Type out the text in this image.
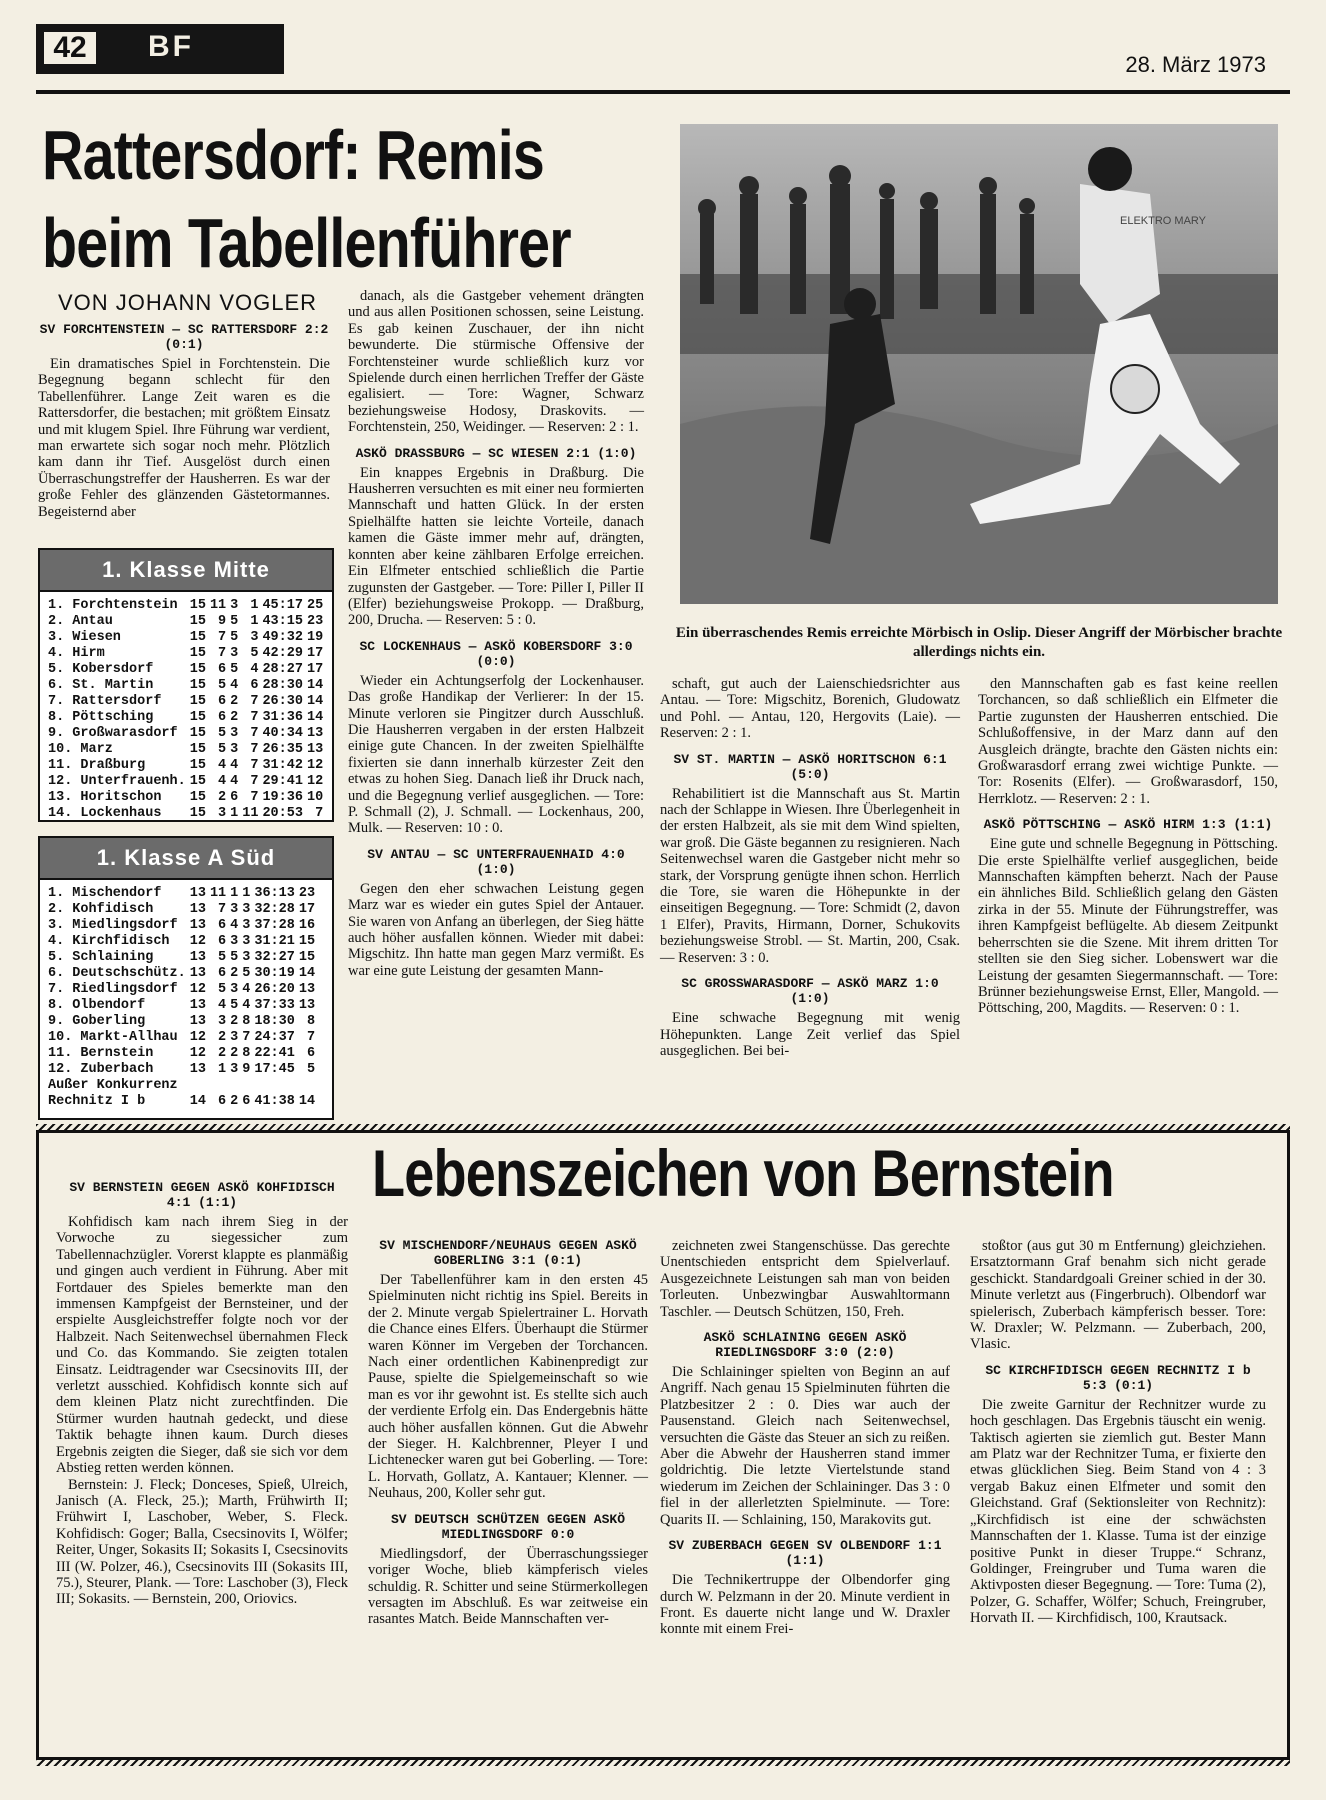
42	BF
28. März 1973
Rattersdorf: Remis
beim Tabellenführer
VON JOHANN VOGLER

SV FORCHTENSTEIN — SC RATTERSDORF 2:2 (0:1)

Ein dramatisches Spiel in Forchtenstein. Die Begegnung begann schlecht für den Tabellenführer. Lange Zeit waren es die Rattersdorfer, die bestachen; mit größtem Einsatz und mit klugem Spiel. Ihre Führung war verdient, man erwartete sich sogar noch mehr. Plötzlich kam dann ihr Tief. Ausgelöst durch einen Überraschungstreffer der Hausherren. Es war der große Fehler des glänzenden Gästetormannes. Begeisternd aber

1. Klasse Mitte
1. Forchtenstein	15	11	3	1	45:17	25
2. Antau	15	9	5	1	43:15	23
3. Wiesen	15	7	5	3	49:32	19
4. Hirm	15	7	3	5	42:29	17
5. Kobersdorf	15	6	5	4	28:27	17
6. St. Martin	15	5	4	6	28:30	14
7. Rattersdorf	15	6	2	7	26:30	14
8. Pöttsching	15	6	2	7	31:36	14
9. Großwarasdorf	15	5	3	7	40:34	13
10. Marz	15	5	3	7	26:35	13
11. Draßburg	15	4	4	7	31:42	12
12. Unterfrauenh.	15	4	4	7	29:41	12
13. Horitschon	15	2	6	7	19:36	10
14. Lockenhaus	15	3	1	11	20:53	7
1. Klasse A Süd
1. Mischendorf	13	11	1	1	36:13	23
2. Kohfidisch	13	7	3	3	32:28	17
3. Miedlingsdorf	13	6	4	3	37:28	16
4. Kirchfidisch	12	6	3	3	31:21	15
5. Schlaining	13	5	5	3	32:27	15
6. Deutschschütz.	13	6	2	5	30:19	14
7. Riedlingsdorf	12	5	3	4	26:20	13
8. Olbendorf	13	4	5	4	37:33	13
9. Goberling	13	3	2	8	18:30	8
10. Markt-Allhau	12	2	3	7	24:37	7
11. Bernstein	12	2	2	8	22:41	6
12. Zuberbach	13	1	3	9	17:45	5
Außer Konkurrenz						
Rechnitz I b	14	6	2	6	41:38	14

danach, als die Gastgeber vehement drängten und aus allen Positionen schossen, seine Leistung. Es gab keinen Zuschauer, der ihn nicht bewunderte. Die stürmische Offensive der Forchtensteiner wurde schließlich kurz vor Spielende durch einen herrlichen Treffer der Gäste egalisiert. — Tore: Wagner, Schwarz beziehungsweise Hodosy, Draskovits. — Forchtenstein, 250, Weidinger. — Reserven: 2 : 1.

ASKÖ DRASSBURG — SC WIESEN 2:1 (1:0)

Ein knappes Ergebnis in Draßburg. Die Hausherren versuchten es mit einer neu formierten Mannschaft und hatten Glück. In der ersten Spielhälfte hatten sie leichte Vorteile, danach kamen die Gäste immer mehr auf, drängten, konnten aber keine zählbaren Erfolge erreichen. Ein Elfmeter entschied schließlich die Partie zugunsten der Gastgeber. — Tore: Piller I, Piller II (Elfer) beziehungsweise Prokopp. — Draßburg, 200, Drucha. — Reserven: 5 : 0.

SC LOCKENHAUS — ASKÖ KOBERSDORF 3:0 (0:0)

Wieder ein Achtungserfolg der Lockenhauser. Das große Handikap der Verlierer: In der 15. Minute verloren sie Pingitzer durch Ausschluß. Die Hausherren vergaben in der ersten Halbzeit einige gute Chancen. In der zweiten Spielhälfte fixierten sie dann innerhalb kürzester Zeit den etwas zu hohen Sieg. Danach ließ ihr Druck nach, und die Begegnung verlief ausgeglichen. — Tore: P. Schmall (2), J. Schmall. — Lockenhaus, 200, Mulk. — Reserven: 10 : 0.

SV ANTAU — SC UNTERFRAUENHAID 4:0 (1:0)

Gegen den eher schwachen Leistung gegen Marz war es wieder ein gutes Spiel der Antauer. Sie waren von Anfang an überlegen, der Sieg hätte auch höher ausfallen können. Wieder mit dabei: Migschitz. Ihn hatte man gegen Marz vermißt. Es war eine gute Leistung der gesamten Mann-

schaft, gut auch der Laienschiedsrichter aus Antau. — Tore: Migschitz, Borenich, Gludowatz und Pohl. — Antau, 120, Hergovits (Laie). — Reserven: 2 : 1.

SV ST. MARTIN — ASKÖ HORITSCHON 6:1 (5:0)

Rehabilitiert ist die Mannschaft aus St. Martin nach der Schlappe in Wiesen. Ihre Überlegenheit in der ersten Halbzeit, als sie mit dem Wind spielten, war groß. Die Gäste begannen zu resignieren. Nach Seitenwechsel waren die Gastgeber nicht mehr so stark, der Vorsprung genügte ihnen schon. Herrlich die Tore, sie waren die Höhepunkte in der einseitigen Begegnung. — Tore: Schmidt (2, davon 1 Elfer), Pravits, Hirmann, Dorner, Schukovits beziehungsweise Strobl. — St. Martin, 200, Csak. — Reserven: 3 : 0.

SC GROSSWARASDORF — ASKÖ MARZ 1:0 (1:0)

Eine schwache Begegnung mit wenig Höhepunkten. Lange Zeit verlief das Spiel ausgeglichen. Bei bei-

den Mannschaften gab es fast keine reellen Torchancen, so daß schließlich ein Elfmeter die Partie zugunsten der Hausherren entschied. Die Schlußoffensive, in der Marz dann auf den Ausgleich drängte, brachte den Gästen nichts ein: Großwarasdorf errang zwei wichtige Punkte. — Tor: Rosenits (Elfer). — Großwarasdorf, 150, Herrklotz. — Reserven: 2 : 1.

ASKÖ PÖTTSCHING — ASKÖ HIRM 1:3 (1:1)

Eine gute und schnelle Begegnung in Pöttsching. Die erste Spielhälfte verlief ausgeglichen, beide Mannschaften kämpften beherzt. Nach der Pause ein ähnliches Bild. Schließlich gelang den Gästen zirka in der 55. Minute der Führungstreffer, was ihren Kampfgeist beflügelte. Ab diesem Zeitpunkt beherrschten sie die Szene. Mit ihrem dritten Tor stellten sie den Sieg sicher. Lobenswert war die Leistung der gesamten Siegermannschaft. — Tore: Brünner beziehungsweise Ernst, Eller, Mangold. — Pöttsching, 200, Magdits. — Reserven: 0 : 1.

ELEKTRO MARY
Ein überraschendes Remis erreichte Mörbisch in Oslip. Dieser Angriff der Mörbischer brachte allerdings nichts ein.
Lebenszeichen von Bernstein

SV BERNSTEIN GEGEN ASKÖ KOHFIDISCH 4:1 (1:1)

Kohfidisch kam nach ihrem Sieg in der Vorwoche zu siegessicher zum Tabellennachzügler. Vorerst klappte es planmäßig und gingen auch verdient in Führung. Aber mit Fortdauer des Spieles bemerkte man den immensen Kampfgeist der Bernsteiner, und der erspielte Ausgleichstreffer folgte noch vor der Halbzeit. Nach Seitenwechsel übernahmen Fleck und Co. das Kommando. Sie zeigten totalen Einsatz. Leidtragender war Csecsinovits III, der verletzt ausschied. Kohfidisch konnte sich auf dem kleinen Platz nicht zurechtfinden. Die Stürmer wurden hautnah gedeckt, und diese Taktik behagte ihnen kaum. Durch dieses Ergebnis zeigten die Sieger, daß sie sich vor dem Abstieg retten werden können.

Bernstein: J. Fleck; Donceses, Spieß, Ulreich, Janisch (A. Fleck, 25.); Marth, Frühwirth II; Frühwirt I, Laschober, Weber, S. Fleck. Kohfidisch: Goger; Balla, Csecsinovits I, Wölfer; Reiter, Unger, Sokasits II; Sokasits I, Csecsinovits III (W. Polzer, 46.), Csecsinovits III (Sokasits III, 75.), Steurer, Plank. — Tore: Laschober (3), Fleck III; Sokasits. — Bernstein, 200, Oriovics.

SV MISCHENDORF/NEUHAUS GEGEN ASKÖ GOBERLING 3:1 (0:1)

Der Tabellenführer kam in den ersten 45 Spielminuten nicht richtig ins Spiel. Bereits in der 2. Minute vergab Spielertrainer L. Horvath die Chance eines Elfers. Überhaupt die Stürmer waren Könner im Vergeben der Torchancen. Nach einer ordentlichen Kabinenpredigt zur Pause, spielte die Spielgemeinschaft so wie man es vor ihr gewohnt ist. Es stellte sich auch der verdiente Erfolg ein. Das Endergebnis hätte auch höher ausfallen können. Gut die Abwehr der Sieger. H. Kalchbrenner, Pleyer I und Lichtenecker waren gut bei Goberling. — Tore: L. Horvath, Gollatz, A. Kantauer; Klenner. — Neuhaus, 200, Koller sehr gut.

SV DEUTSCH SCHÜTZEN GEGEN ASKÖ MIEDLINGSDORF 0:0

Miedlingsdorf, der Überraschungssieger voriger Woche, blieb kämpferisch vieles schuldig. R. Schitter und seine Stürmerkollegen versagten im Abschluß. Es war zeitweise ein rasantes Match. Beide Mannschaften ver-

zeichneten zwei Stangenschüsse. Das gerechte Unentschieden entspricht dem Spielverlauf. Ausgezeichnete Leistungen sah man von beiden Torleuten. Unbezwingbar Auswahltormann Taschler. — Deutsch Schützen, 150, Freh.

ASKÖ SCHLAINING GEGEN ASKÖ RIEDLINGSDORF 3:0 (2:0)

Die Schlaininger spielten von Beginn an auf Angriff. Nach genau 15 Spielminuten führten die Platzbesitzer 2 : 0. Dies war auch der Pausenstand. Gleich nach Seitenwechsel, versuchten die Gäste das Steuer an sich zu reißen. Aber die Abwehr der Hausherren stand immer goldrichtig. Die letzte Viertelstunde stand wiederum im Zeichen der Schlaininger. Das 3 : 0 fiel in der allerletzten Spielminute. — Tore: Quarits II. — Schlaining, 150, Marakovits gut.

SV ZUBERBACH GEGEN SV OLBENDORF 1:1 (1:1)

Die Technikertruppe der Olbendorfer ging durch W. Pelzmann in der 20. Minute verdient in Front. Es dauerte nicht lange und W. Draxler konnte mit einem Frei-

stoßtor (aus gut 30 m Entfernung) gleichziehen. Ersatztormann Graf benahm sich nicht gerade geschickt. Standardgoali Greiner schied in der 30. Minute verletzt aus (Fingerbruch). Olbendorf war spielerisch, Zuberbach kämpferisch besser. Tore: W. Draxler; W. Pelzmann. — Zuberbach, 200, Vlasic.

SC KIRCHFIDISCH GEGEN RECHNITZ I b 5:3 (0:1)

Die zweite Garnitur der Rechnitzer wurde zu hoch geschlagen. Das Ergebnis täuscht ein wenig. Taktisch agierten sie ziemlich gut. Bester Mann am Platz war der Rechnitzer Tuma, er fixierte den etwas glücklichen Sieg. Beim Stand von 4 : 3 vergab Bakuz einen Elfmeter und somit den Gleichstand. Graf (Sektionsleiter von Rechnitz): „Kirchfidisch ist eine der schwächsten Mannschaften der 1. Klasse. Tuma ist der einzige positive Punkt in dieser Truppe.“ Schranz, Goldinger, Freingruber und Tuma waren die Aktivposten dieser Begegnung. — Tore: Tuma (2), Polzer, G. Schaffer, Wölfer; Schuch, Freingruber, Horvath II. — Kirchfidisch, 100, Krautsack.
